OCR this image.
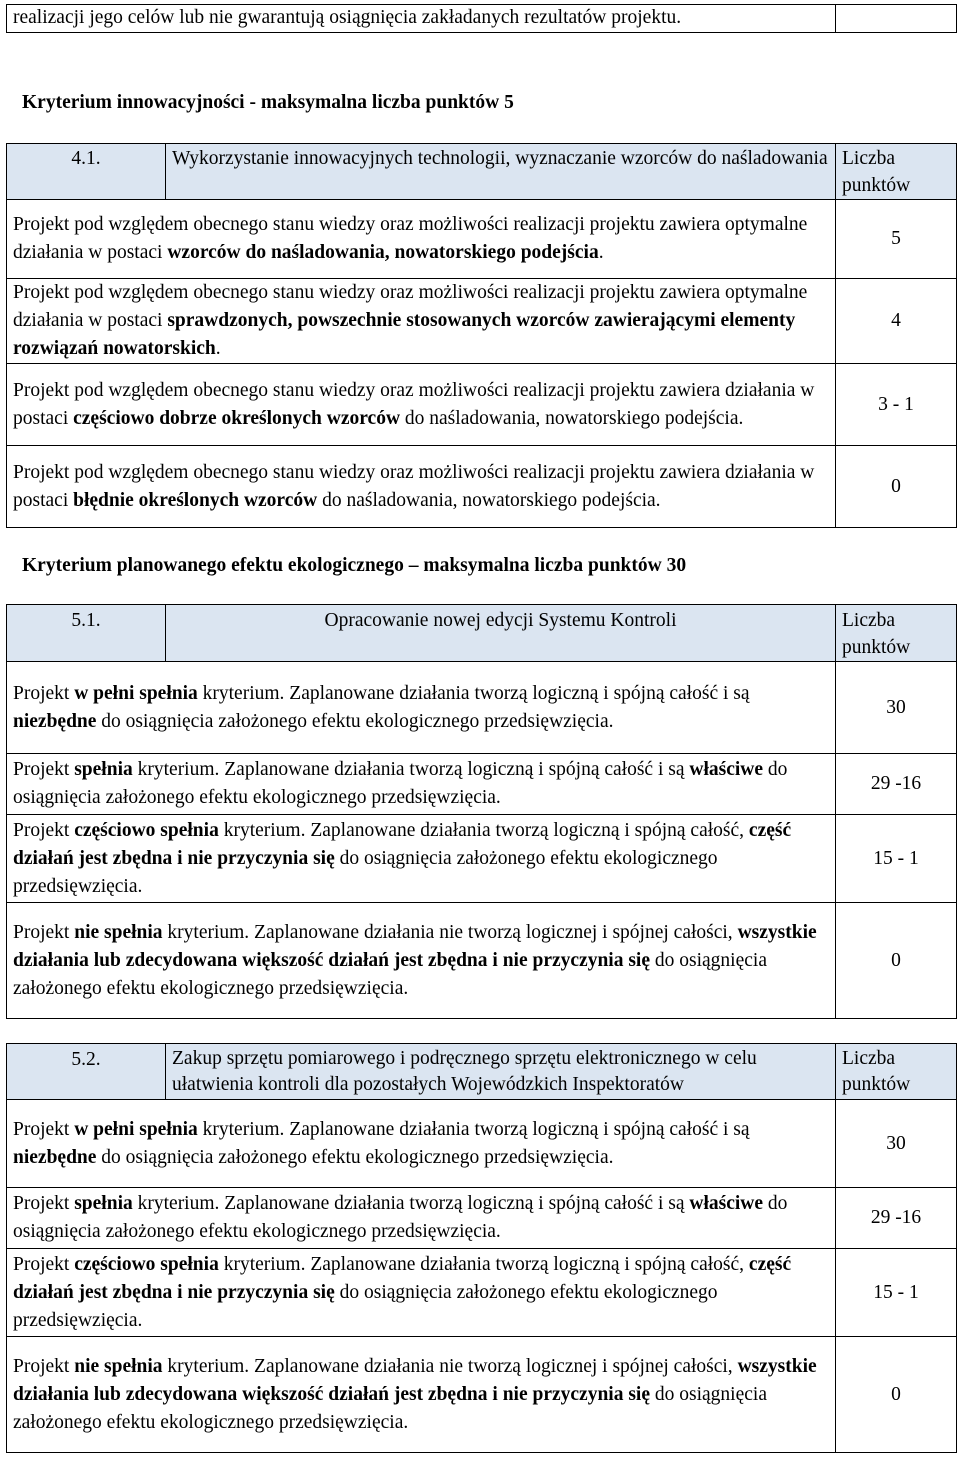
realizacji jego celów lub nie gwarantują osiągnięcia zakładanych rezultatów projektu.	
Kryterium innowacyjności - maksymalna liczba punktów 5
4.1.	Wykorzystanie innowacyjnych technologii, wyznaczanie wzorców do naśladowania	Liczba punktów
Projekt pod względem obecnego stanu wiedzy oraz możliwości realizacji projektu zawiera optymalne działania w postaci wzorców do naśladowania, nowatorskiego podejścia.		5
Projekt pod względem obecnego stanu wiedzy oraz możliwości realizacji projektu zawiera optymalne działania w postaci sprawdzonych, powszechnie stosowanych wzorców zawierającymi elementy rozwiązań nowatorskich.		4
Projekt pod względem obecnego stanu wiedzy oraz możliwości realizacji projektu zawiera działania w postaci częściowo dobrze określonych wzorców do naśladowania, nowatorskiego podejścia.		3 - 1
Projekt pod względem obecnego stanu wiedzy oraz możliwości realizacji projektu zawiera działania w postaci błędnie określonych wzorców do naśladowania, nowatorskiego podejścia.		0
Kryterium planowanego efektu ekologicznego – maksymalna liczba punktów 30
5.1.	Opracowanie nowej edycji Systemu Kontroli	Liczba punktów
Projekt w pełni spełnia kryterium. Zaplanowane działania tworzą logiczną i spójną całość i są niezbędne do osiągnięcia założonego efektu ekologicznego przedsięwzięcia.		30
Projekt spełnia kryterium. Zaplanowane działania tworzą logiczną i spójną całość i są właściwe do osiągnięcia założonego efektu ekologicznego przedsięwzięcia.		29 -16
Projekt częściowo spełnia kryterium. Zaplanowane działania tworzą logiczną i spójną całość, część działań jest zbędna i nie przyczynia się do osiągnięcia założonego efektu ekologicznego przedsięwzięcia.		15 - 1
Projekt nie spełnia kryterium. Zaplanowane działania nie tworzą logicznej i spójnej całości, wszystkie działania lub zdecydowana większość działań jest zbędna i nie przyczynia się do osiągnięcia założonego efektu ekologicznego przedsięwzięcia.		0
5.2.	Zakup sprzętu pomiarowego i podręcznego sprzętu elektronicznego w celu ułatwienia kontroli dla pozostałych Wojewódzkich Inspektoratów	Liczba punktów
Projekt w pełni spełnia kryterium. Zaplanowane działania tworzą logiczną i spójną całość i są niezbędne do osiągnięcia założonego efektu ekologicznego przedsięwzięcia.		30
Projekt spełnia kryterium. Zaplanowane działania tworzą logiczną i spójną całość i są właściwe do osiągnięcia założonego efektu ekologicznego przedsięwzięcia.		29 -16
Projekt częściowo spełnia kryterium. Zaplanowane działania tworzą logiczną i spójną całość, część działań jest zbędna i nie przyczynia się do osiągnięcia założonego efektu ekologicznego przedsięwzięcia.		15 - 1
Projekt nie spełnia kryterium. Zaplanowane działania nie tworzą logicznej i spójnej całości, wszystkie działania lub zdecydowana większość działań jest zbędna i nie przyczynia się do osiągnięcia założonego efektu ekologicznego przedsięwzięcia.		0
